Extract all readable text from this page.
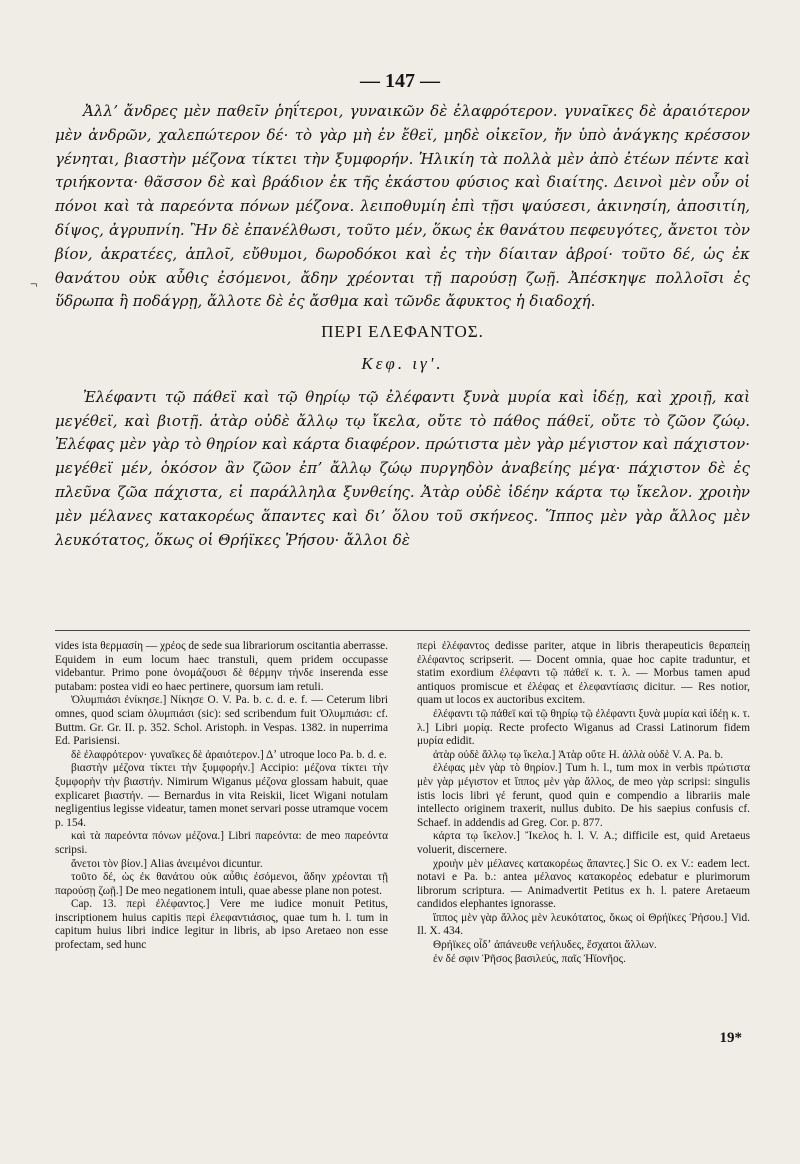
— 147 —
¬

Ἀλλʼ ἄνδρες μὲν παθεῖν ῥηΐτεροι, γυναικῶν δὲ ἐλαφρότερον. γυναῖκες δὲ ἀραιότερον μὲν ἀνδρῶν, χαλεπώτερον δέ· τὸ γὰρ μὴ ἐν ἔθεϊ, μηδὲ οἰκεῖον, ἤν ὑπὸ ἀνάγκης κρέσσον γένηται, βιαστὴν μέζονα τίκτει τὴν ξυμφορήν. Ἡλικίη τὰ πολλὰ μὲν ἀπὸ ἐτέων πέντε καὶ τριήκοντα· θᾶσσον δὲ καὶ βράδιον ἐκ τῆς ἑκάστου φύσιος καὶ διαίτης. Δεινοὶ μὲν οὖν οἱ πόνοι καὶ τὰ παρεόντα πόνων μέζονα. λειποθυμίη ἐπὶ τῇσι ψαύσεσι, ἀκινησίη, ἀποσιτίη, δίψος, ἀγρυπνίη. Ἢν δὲ ἐπανέλθωσι, τοῦτο μέν, ὅκως ἐκ θανάτου πεφευγότες, ἄνετοι τὸν βίον, ἀκρατέες, ἁπλοῖ, εὔθυμοι, δωροδόκοι καὶ ἐς τὴν δίαιταν ἁβροί· τοῦτο δέ, ὡς ἐκ θανάτου οὐκ αὖθις ἐσόμενοι, ἄδην χρέονται τῇ παρούσῃ ζωῇ. Ἀπέσκηψε πολλοῖσι ἐς ὕδρωπα ἢ ποδάγρῃ, ἄλλοτε δὲ ἐς ἄσθμα καὶ τῶνδε ἄφυκτος ἡ διαδοχή.

ΠΕΡΙ ΕΛΕΦΑΝΤΟΣ.
Κεφ. ιγʹ.

Ἐλέφαντι τῷ πάθεϊ καὶ τῷ θηρίῳ τῷ ἐλέφαντι ξυνὰ μυρία καὶ ἰδέῃ, καὶ χροιῇ, καὶ μεγέθεϊ, καὶ βιοτῇ. ἀτὰρ οὐδὲ ἄλλῳ τῳ ἴκελα, οὔτε τὸ πάθος πάθεϊ, οὔτε τὸ ζῶον ζώῳ. Ἐλέφας μὲν γὰρ τὸ θηρίον καὶ κάρτα διαφέρον. πρώτιστα μὲν γὰρ μέγιστον καὶ πάχιστον· μεγέθεϊ μέν, ὁκόσον ἂν ζῶον ἐπʼ ἄλλῳ ζώῳ πυργηδὸν ἀναβείης μέγα· πάχιστον δὲ ἐς πλεῦνα ζῶα πάχιστα, εἰ παράλληλα ξυνθείης. Ἀτὰρ οὐδὲ ἰδέην κάρτα τῳ ἴκελον. χροιὴν μὲν μέλανες κατακορέως ἅπαντες καὶ διʼ ὅλου τοῦ σκήνεος. Ἵππος μὲν γὰρ ἄλλος μὲν λευκότατος, ὅκως οἱ Θρήϊκες Ῥήσου· ἄλλοι δὲ

vides ista θερμασίη — χρέος de sede sua librariorum oscitantia aberrasse. Equidem in eum locum haec transtuli, quem pridem occupasse videbantur. Primo pone ὀνομάζουσι δὲ θέρμην τήνδε inserenda esse putabam: postea vidi eo haec pertinere, quorsum iam retuli.

Ὀλυμπιάσι ἐνίκησε.] Νίκησε O. V. Pa. b. c. d. e. f. — Ceterum libri omnes, quod sciam ὀλυμπιάσι (sic): sed scribendum fuit Ὀλυμπιάσι: cf. Buttm. Gr. Gr. II. p. 352. Schol. Aristoph. in Vespas. 1382. in nuperrima Ed. Parisiensi.

δὲ ἐλαφρότερον· γυναῖκες δὲ ἀραιότερον.] Δʼ utroque loco Pa. b. d. e.

βιαστὴν μέζονα τίκτει τὴν ξυμφορήν.] Accipio: μέζονα τίκτει τὴν ξυμφορὴν τὴν βιαστήν. Nimirum Wiganus μέζονα glossam habuit, quae explicaret βιαστήν. — Bernardus in vita Reiskii, licet Wigani notulam negligentius legisse videatur, tamen monet servari posse utramque vocem p. 154.

καὶ τὰ παρεόντα πόνων μέζονα.] Libri παρεόντα: de meo παρεόντα scripsi.

ἄνετοι τὸν βίον.] Alias ἀνειμένοι dicuntur.

τοῦτο δέ, ὡς ἐκ θανάτου οὐκ αὖθις ἐσόμενοι, ἄδην χρέονται τῇ παρούσῃ ζωῇ.] De meo negationem intuli, quae abesse plane non potest.

Cap. 13. περὶ ἐλέφαντος.] Vere me iudice monuit Petitus, inscriptionem huius capitis περὶ ἐλεφαντιάσιος, quae tum h. l. tum in capitum huius libri indice legitur in libris, ab ipso Aretaeo non esse profectam, sed hunc

περὶ ἐλέφαντος dedisse pariter, atque in libris therapeuticis θεραπείῃ ἐλέφαντος scripserit. — Docent omnia, quae hoc capite traduntur, et statim exordium ἐλέφαντι τῷ πάθεϊ κ. τ. λ. — Morbus tamen apud antiquos promiscue et ἐλέφας et ἐλεφαντίασις dicitur. — Res notior, quam ut locos ex auctoribus excitem.

ἐλέφαντι τῷ πάθεϊ καὶ τῷ θηρίῳ τῷ ἐλέφαντι ξυνὰ μυρία καὶ ἰδέῃ κ. τ. λ.] Libri μορίᾳ. Recte profecto Wiganus ad Crassi Latinorum fidem μυρία edidit.

ἀτὰρ οὐδὲ ἄλλῳ τῳ ἴκελα.] Ἀτὰρ οὔτε H. ἀλλὰ οὐδὲ V. A. Pa. b.

ἐλέφας μὲν γὰρ τὸ θηρίον.] Tum h. l., tum mox in verbis πρώτιστα μὲν γὰρ μέγιστον et ἵππος μὲν γὰρ ἄλλος, de meo γὰρ scripsi: singulis istis locis libri γέ ferunt, quod quin e compendio a librariis male intellecto originem traxerit, nullus dubito. De his saepius confusis cf. Schaef. in addendis ad Greg. Cor. p. 877.

κάρτα τῳ ἴκελον.] Ἴκελος h. l. V. A.; difficile est, quid Aretaeus voluerit, discernere.

χροιὴν μὲν μέλανες κατακορέως ἅπαντες.] Sic O. ex V.: eadem lect. notavi e Pa. b.: antea μέλανος κατακορέος edebatur e plurimorum librorum scriptura. — Animadvertit Petitus ex h. l. patere Aretaeum candidos elephantes ignorasse.

ἵππος μὲν γὰρ ἄλλος μὲν λευκότατος, ὅκως οἱ Θρήϊκες Ῥήσου.] Vid. Il. X. 434.

Θρήϊκες οἶδʼ ἀπάνευθε νεήλυδες, ἔσχατοι ἄλλων.

ἐν δέ σφιν Ῥῆσος βασιλεύς, παῖς Ἠϊονῆος.

19*
